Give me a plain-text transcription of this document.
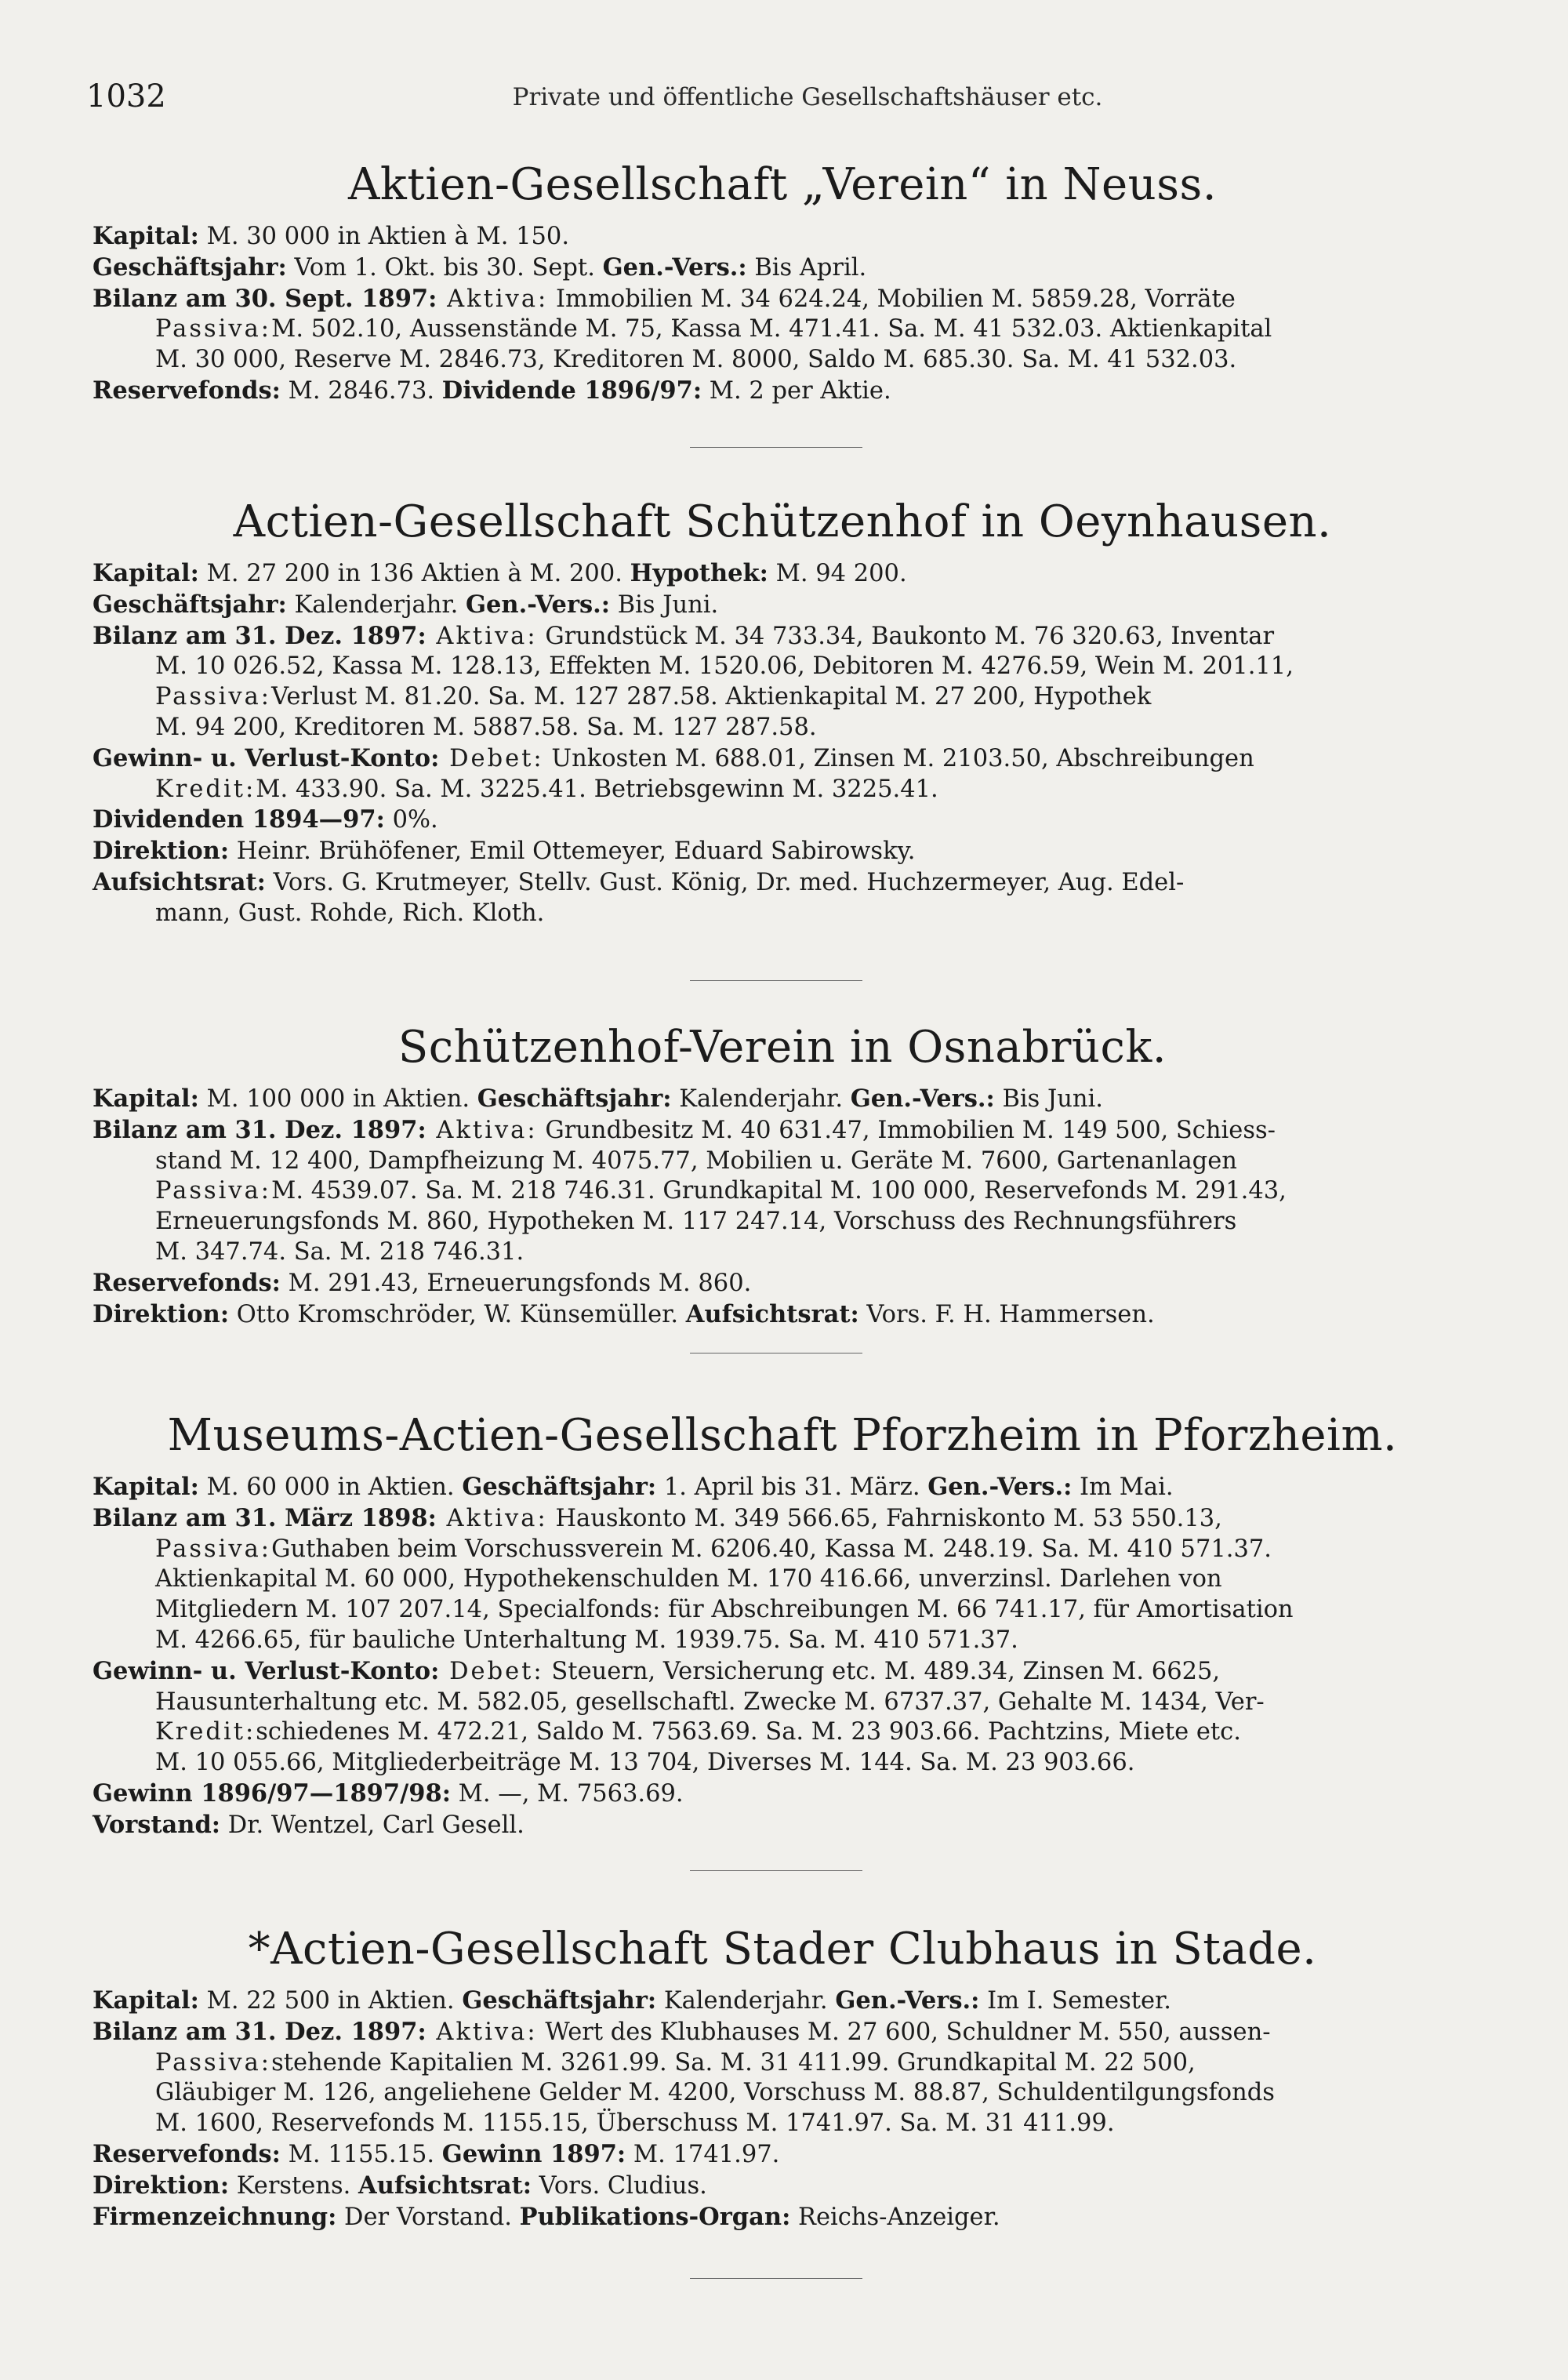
1032	Private und öffentliche Gesellschaftshäuser etc.
Aktien-Gesellschaft „Verein“ in Neuss.

Kapital: M. 30 000 in Aktien à M. 150.
Geschäftsjahr: Vom 1. Okt. bis 30. Sept. Gen.-Vers.: Bis April.
Bilanz am 30. Sept. 1897: Aktiva: Immobilien M. 34 624.24, Mobilien M. 5859.28, Vorräte
Passiva:M. 502.10, Aussenstände M. 75, Kassa M. 471.41. Sa. M. 41 532.03. Aktienkapital
M. 30 000, Reserve M. 2846.73, Kreditoren M. 8000, Saldo M. 685.30. Sa. M. 41 532.03.
Reservefonds: M. 2846.73. Dividende 1896/97: M. 2 per Aktie.

Actien-Gesellschaft Schützenhof in Oeynhausen.

Kapital: M. 27 200 in 136 Aktien à M. 200. Hypothek: M. 94 200.
Geschäftsjahr: Kalenderjahr. Gen.-Vers.: Bis Juni.
Bilanz am 31. Dez. 1897: Aktiva: Grundstück M. 34 733.34, Baukonto M. 76 320.63, Inventar
M. 10 026.52, Kassa M. 128.13, Effekten M. 1520.06, Debitoren M. 4276.59, Wein M. 201.11,
Passiva:Verlust M. 81.20. Sa. M. 127 287.58. Aktienkapital M. 27 200, Hypothek
M. 94 200, Kreditoren M. 5887.58. Sa. M. 127 287.58.
Gewinn- u. Verlust-Konto: Debet: Unkosten M. 688.01, Zinsen M. 2103.50, Abschreibungen
Kredit:M. 433.90. Sa. M. 3225.41. Betriebsgewinn M. 3225.41.
Dividenden 1894—97: 0%.
Direktion: Heinr. Brühöfener, Emil Ottemeyer, Eduard Sabirowsky.
Aufsichtsrat: Vors. G. Krutmeyer, Stellv. Gust. König, Dr. med. Huchzermeyer, Aug. Edel-
mann, Gust. Rohde, Rich. Kloth.

Schützenhof-Verein in Osnabrück.

Kapital: M. 100 000 in Aktien. Geschäftsjahr: Kalenderjahr. Gen.-Vers.: Bis Juni.
Bilanz am 31. Dez. 1897: Aktiva: Grundbesitz M. 40 631.47, Immobilien M. 149 500, Schiess-
stand M. 12 400, Dampfheizung M. 4075.77, Mobilien u. Geräte M. 7600, Gartenanlagen
Passiva:M. 4539.07. Sa. M. 218 746.31. Grundkapital M. 100 000, Reservefonds M. 291.43,
Erneuerungsfonds M. 860, Hypotheken M. 117 247.14, Vorschuss des Rechnungsführers
M. 347.74. Sa. M. 218 746.31.
Reservefonds: M. 291.43, Erneuerungsfonds M. 860.
Direktion: Otto Kromschröder, W. Künsemüller. Aufsichtsrat: Vors. F. H. Hammersen.

Museums-Actien-Gesellschaft Pforzheim in Pforzheim.

Kapital: M. 60 000 in Aktien. Geschäftsjahr: 1. April bis 31. März. Gen.-Vers.: Im Mai.
Bilanz am 31. März 1898: Aktiva: Hauskonto M. 349 566.65, Fahrniskonto M. 53 550.13,
Passiva:Guthaben beim Vorschussverein M. 6206.40, Kassa M. 248.19. Sa. M. 410 571.37.
Aktienkapital M. 60 000, Hypothekenschulden M. 170 416.66, unverzinsl. Darlehen von
Mitgliedern M. 107 207.14, Specialfonds: für Abschreibungen M. 66 741.17, für Amortisation
M. 4266.65, für bauliche Unterhaltung M. 1939.75. Sa. M. 410 571.37.
Gewinn- u. Verlust-Konto: Debet: Steuern, Versicherung etc. M. 489.34, Zinsen M. 6625,
Hausunterhaltung etc. M. 582.05, gesellschaftl. Zwecke M. 6737.37, Gehalte M. 1434, Ver-
Kredit:schiedenes M. 472.21, Saldo M. 7563.69. Sa. M. 23 903.66. Pachtzins, Miete etc.
M. 10 055.66, Mitgliederbeiträge M. 13 704, Diverses M. 144. Sa. M. 23 903.66.
Gewinn 1896/97—1897/98: M. —, M. 7563.69.
Vorstand: Dr. Wentzel, Carl Gesell.

*Actien-Gesellschaft Stader Clubhaus in Stade.

Kapital: M. 22 500 in Aktien. Geschäftsjahr: Kalenderjahr. Gen.-Vers.: Im I. Semester.
Bilanz am 31. Dez. 1897: Aktiva: Wert des Klubhauses M. 27 600, Schuldner M. 550, aussen-
Passiva:stehende Kapitalien M. 3261.99. Sa. M. 31 411.99. Grundkapital M. 22 500,
Gläubiger M. 126, angeliehene Gelder M. 4200, Vorschuss M. 88.87, Schuldentilgungsfonds
M. 1600, Reservefonds M. 1155.15, Überschuss M. 1741.97. Sa. M. 31 411.99.
Reservefonds: M. 1155.15. Gewinn 1897: M. 1741.97.
Direktion: Kerstens. Aufsichtsrat: Vors. Cludius.
Firmenzeichnung: Der Vorstand. Publikations-Organ: Reichs-Anzeiger.
